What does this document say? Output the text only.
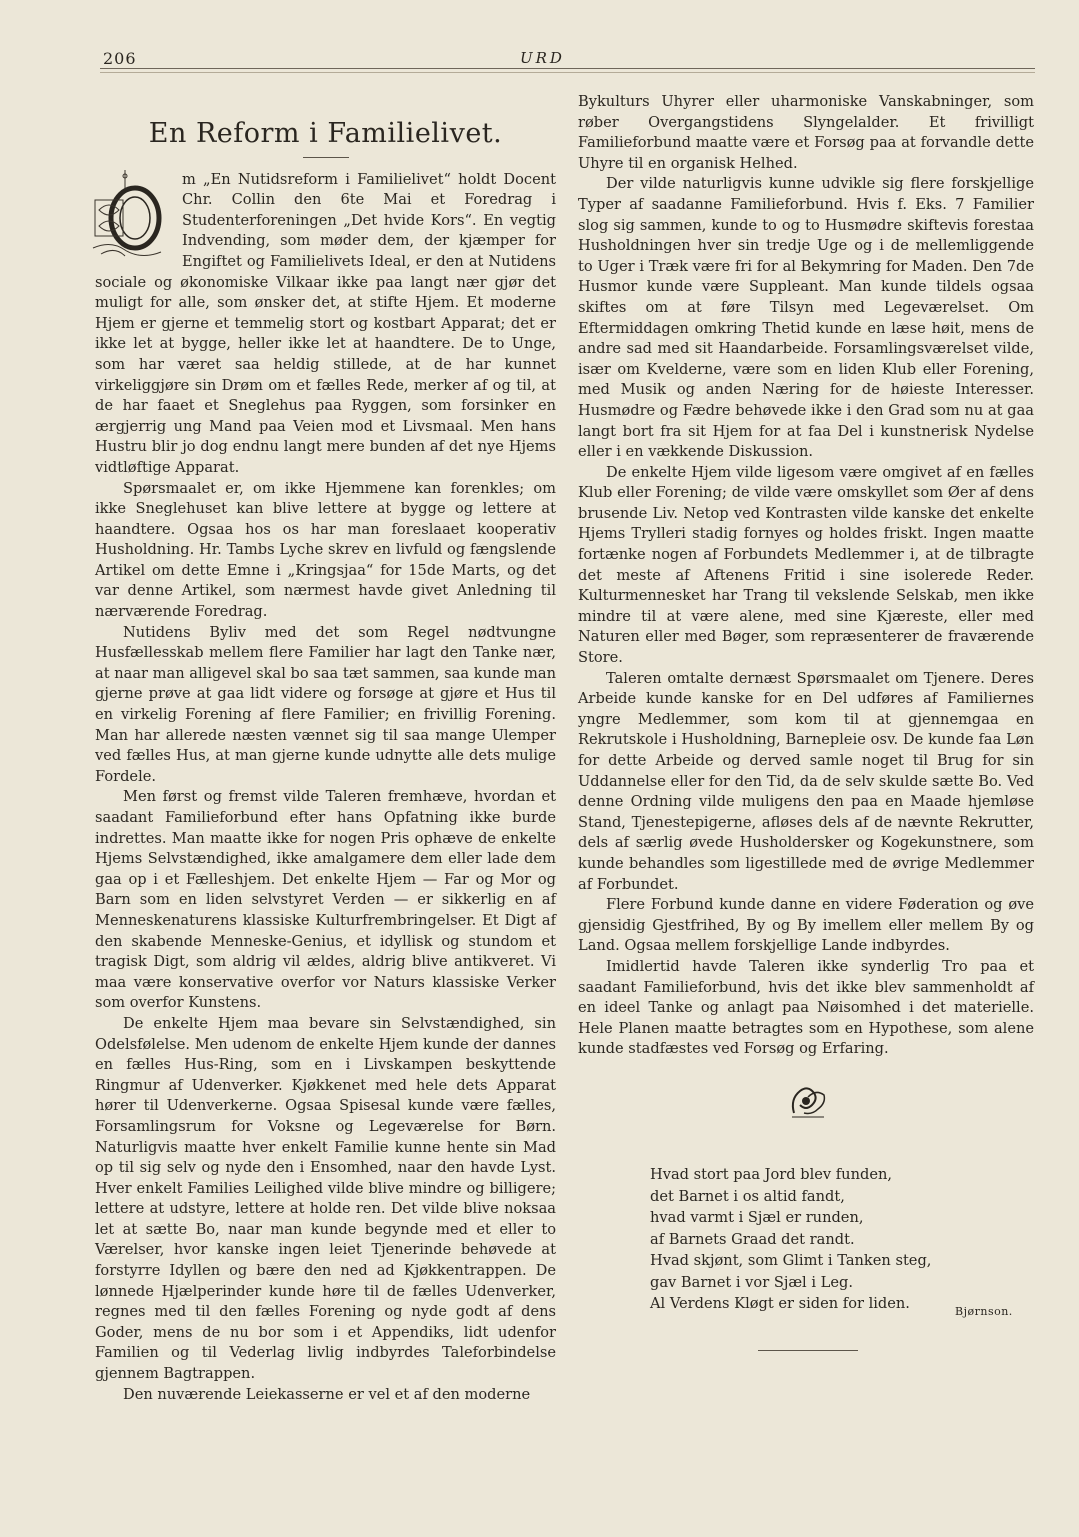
206	URD
En Reform i Familielivet.

m „En Nutidsreform i Familielivet“ holdt Docent Chr. Collin den 6te Mai et Foredrag i Studenterforeningen „Det hvide Kors“. En vegtig Indvending, som møder dem, der kjæmper for Engiftet og Familielivets Ideal, er den at Nutidens sociale og økonomiske Vilkaar ikke paa langt nær gjør det muligt for alle, som ønsker det, at stifte Hjem. Et moderne Hjem er gjerne et temmelig stort og kostbart Apparat; det er ikke let at bygge, heller ikke let at haandtere. De to Unge, som har været saa heldig stillede, at de har kunnet virkeliggjøre sin Drøm om et fælles Rede, merker af og til, at de har faaet et Sneglehus paa Ryggen, som forsinker en ærgjerrig ung Mand paa Veien mod et Livsmaal. Men hans Hustru blir jo dog endnu langt mere bunden af det nye Hjems vidtløftige Apparat.

Spørsmaalet er, om ikke Hjemmene kan forenkles; om ikke Sneglehuset kan blive lettere at bygge og lettere at haandtere. Ogsaa hos os har man foreslaaet kooperativ Husholdning. Hr. Tambs Lyche skrev en livfuld og fængslende Artikel om dette Emne i „Kringsjaa“ for 15de Marts, og det var denne Artikel, som nærmest havde givet Anledning til nærværende Foredrag.

Nutidens Byliv med det som Regel nødtvungne Husfællesskab mellem flere Familier har lagt den Tanke nær, at naar man alligevel skal bo saa tæt sammen, saa kunde man gjerne prøve at gaa lidt videre og forsøge at gjøre et Hus til en virkelig Forening af flere Familier; en frivillig Forening. Man har allerede næsten vænnet sig til saa mange Ulemper ved fælles Hus, at man gjerne kunde udnytte alle dets mulige Fordele.

Men først og fremst vilde Taleren fremhæve, hvordan et saadant Familieforbund efter hans Opfatning ikke burde indrettes. Man maatte ikke for nogen Pris ophæve de enkelte Hjems Selvstændighed, ikke amalgamere dem eller lade dem gaa op i et Fælleshjem. Det enkelte Hjem — Far og Mor og Barn som en liden selvstyret Verden — er sikkerlig en af Menneskenaturens klassiske Kulturfrembringelser. Et Digt af den skabende Menneske-Genius, et idyllisk og stundom et tragisk Digt, som aldrig vil ældes, aldrig blive antikveret. Vi maa være konservative overfor vor Naturs klassiske Verker som overfor Kunstens.

De enkelte Hjem maa bevare sin Selvstændighed, sin Odelsfølelse. Men udenom de enkelte Hjem kunde der dannes en fælles Hus-Ring, som en i Livskampen beskyttende Ringmur af Udenverker. Kjøkkenet med hele dets Apparat hører til Udenverkerne. Ogsaa Spisesal kunde være fælles, Forsamlingsrum for Voksne og Legeværelse for Børn. Naturligvis maatte hver enkelt Familie kunne hente sin Mad op til sig selv og nyde den i Ensomhed, naar den havde Lyst. Hver enkelt Families Leilighed vilde blive mindre og billigere; lettere at udstyre, lettere at holde ren. Det vilde blive noksaa let at sætte Bo, naar man kunde begynde med et eller to Værelser, hvor kanske ingen leiet Tjenerinde behøvede at forstyrre Idyllen og bære den ned ad Kjøkkentrappen. De lønnede Hjælperinder kunde høre til de fælles Udenverker, regnes med til den fælles Forening og nyde godt af dens Goder, mens de nu bor som i et Appendiks, lidt udenfor Familien og til Vederlag livlig indbyrdes Taleforbindelse gjennem Bagtrappen.

Den nuværende Leiekasserne er vel et af den moderne

Bykulturs Uhyrer eller uharmoniske Vanskabninger, som røber Overgangstidens Slyngelalder. Et frivilligt Familieforbund maatte være et Forsøg paa at forvandle dette Uhyre til en organisk Helhed.

Der vilde naturligvis kunne udvikle sig flere forskjellige Typer af saadanne Familieforbund. Hvis f. Eks. 7 Familier slog sig sammen, kunde to og to Husmødre skiftevis forestaa Husholdningen hver sin tredje Uge og i de mellemliggende to Uger i Træk være fri for al Bekymring for Maden. Den 7de Husmor kunde være Suppleant. Man kunde tildels ogsaa skiftes om at føre Tilsyn med Legeværelset. Om Eftermiddagen omkring Thetid kunde en læse høit, mens de andre sad med sit Haandarbeide. Forsamlingsværelset vilde, især om Kvelderne, være som en liden Klub eller Forening, med Musik og anden Næring for de høieste Interesser. Husmødre og Fædre behøvede ikke i den Grad som nu at gaa langt bort fra sit Hjem for at faa Del i kunstnerisk Nydelse eller i en vækkende Diskussion.

De enkelte Hjem vilde ligesom være omgivet af en fælles Klub eller Forening; de vilde være omskyllet som Øer af dens brusende Liv. Netop ved Kontrasten vilde kanske det enkelte Hjems Trylleri stadig fornyes og holdes friskt. Ingen maatte fortænke nogen af Forbundets Medlemmer i, at de tilbragte det meste af Aftenens Fritid i sine isolerede Reder. Kulturmennesket har Trang til vekslende Selskab, men ikke mindre til at være alene, med sine Kjæreste, eller med Naturen eller med Bøger, som repræsenterer de fraværende Store.

Taleren omtalte dernæst Spørsmaalet om Tjenere. Deres Arbeide kunde kanske for en Del udføres af Familiernes yngre Medlemmer, som kom til at gjennemgaa en Rekrutskole i Husholdning, Barnepleie osv. De kunde faa Løn for dette Arbeide og derved samle noget til Brug for sin Uddannelse eller for den Tid, da de selv skulde sætte Bo. Ved denne Ordning vilde muligens den paa en Maade hjemløse Stand, Tjenestepigerne, afløses dels af de nævnte Rekrutter, dels af særlig øvede Husholdersker og Kogekunstnere, som kunde behandles som ligestillede med de øvrige Medlemmer af Forbundet.

Flere Forbund kunde danne en videre Føderation og øve gjensidig Gjestfrihed, By og By imellem eller mellem By og Land. Ogsaa mellem forskjellige Lande indbyrdes.

Imidlertid havde Taleren ikke synderlig Tro paa et saadant Familieforbund, hvis det ikke blev sammenholdt af en ideel Tanke og anlagt paa Nøisomhed i det materielle. Hele Planen maatte betragtes som en Hypothese, som alene kunde stadfæstes ved Forsøg og Erfaring.

Hvad stort paa Jord blev funden,
det Barnet i os altid fandt,
hvad varmt i Sjæl er runden,
af Barnets Graad det randt.
Hvad skjønt, som Glimt i Tanken steg,
gav Barnet i vor Sjæl i Leg.
Al Verdens Kløgt er siden for liden.	Bjørnson.
